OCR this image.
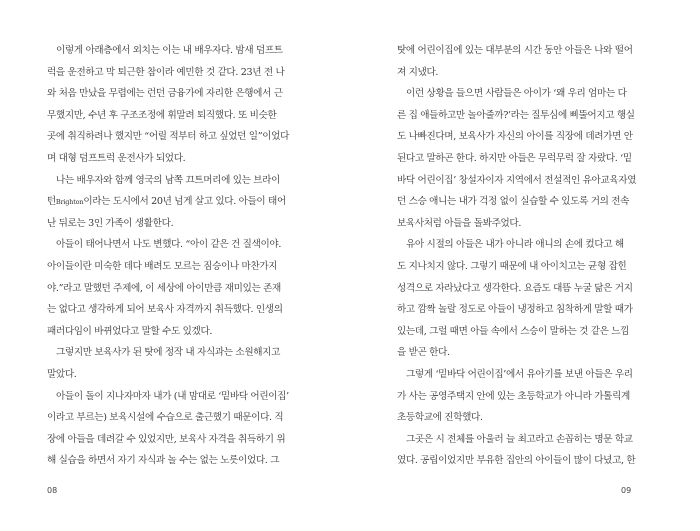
이렇게 아래층에서 외치는 이는 내 배우자다. 밤새 덤프트
럭을 운전하고 막 퇴근한 참이라 예민한 것 같다. 23년 전 나
와 처음 만났을 무렵에는 런던 금융가에 자리한 은행에서 근
무했지만, 수년 후 구조조정에 휘말려 퇴직했다. 또 비슷한
곳에 취직하려나 했지만 “어릴 적부터 하고 싶었던 일”이었다
며 대형 덤프트럭 운전사가 되었다.
나는 배우자와 함께 영국의 남쪽 끄트머리에 있는 브라이
턴Brighton이라는 도시에서 20년 넘게 살고 있다. 아들이 태어
난 뒤로는 3인 가족이 생활한다.
아들이 태어나면서 나도 변했다. “아이 같은 건 질색이야.
아이들이란 미숙한 데다 배려도 모르는 짐승이나 마찬가지
야.”라고 말했던 주제에, 이 세상에 아이만큼 재미있는 존재
는 없다고 생각하게 되어 보육사 자격까지 취득했다. 인생의
패러다임이 바뀌었다고 말할 수도 있겠다.
그렇지만 보육사가 된 탓에 정작 내 자식과는 소원해지고
말았다.
아들이 돌이 지나자마자 내가 (내 맘대로 ‘밑바닥 어린이집’
이라고 부르는) 보육시설에 수습으로 출근했기 때문이다. 직
장에 아들을 데려갈 수 있었지만, 보육사 자격을 취득하기 위
해 실습을 하면서 자기 자식과 놀 수는 없는 노릇이었다. 그
08
탓에 어린이집에 있는 대부분의 시간 동안 아들은 나와 떨어
져 지냈다.
이런 상황을 들으면 사람들은 아이가 ‘왜 우리 엄마는 다
른 집 애들하고만 놀아줄까?’라는 질투심에 삐뚤어지고 행실
도 나빠진다며, 보육사가 자신의 아이를 직장에 데려가면 안
된다고 말하곤 한다. 하지만 아들은 무럭무럭 잘 자랐다. ‘밑
바닥 어린이집’ 창설자이자 지역에서 전설적인 유아교육자였
던 스승 애니는 내가 걱정 없이 실습할 수 있도록 거의 전속
보육사처럼 아들을 돌봐주었다.
유아 시절의 아들은 내가 아니라 애니의 손에 컸다고 해
도 지나치지 않다. 그렇기 때문에 내 아이치고는 균형 잡힌
성격으로 자라났다고 생각한다. 요즘도 대뜸 누굴 닮은 거지
하고 깜짝 놀랄 정도로 아들이 냉정하고 침착하게 말할 때가
있는데, 그럴 때면 아들 속에서 스승이 말하는 것 같은 느낌
을 받곤 한다.
그렇게 ‘밑바닥 어린이집’에서 유아기를 보낸 아들은 우리
가 사는 공영주택지 안에 있는 초등학교가 아니라 가톨릭계
초등학교에 진학했다.
그곳은 시 전체를 아울러 늘 최고라고 손꼽히는 명문 학교
였다. 공립이었지만 부유한 집안의 아이들이 많이 다녔고, 한
09
